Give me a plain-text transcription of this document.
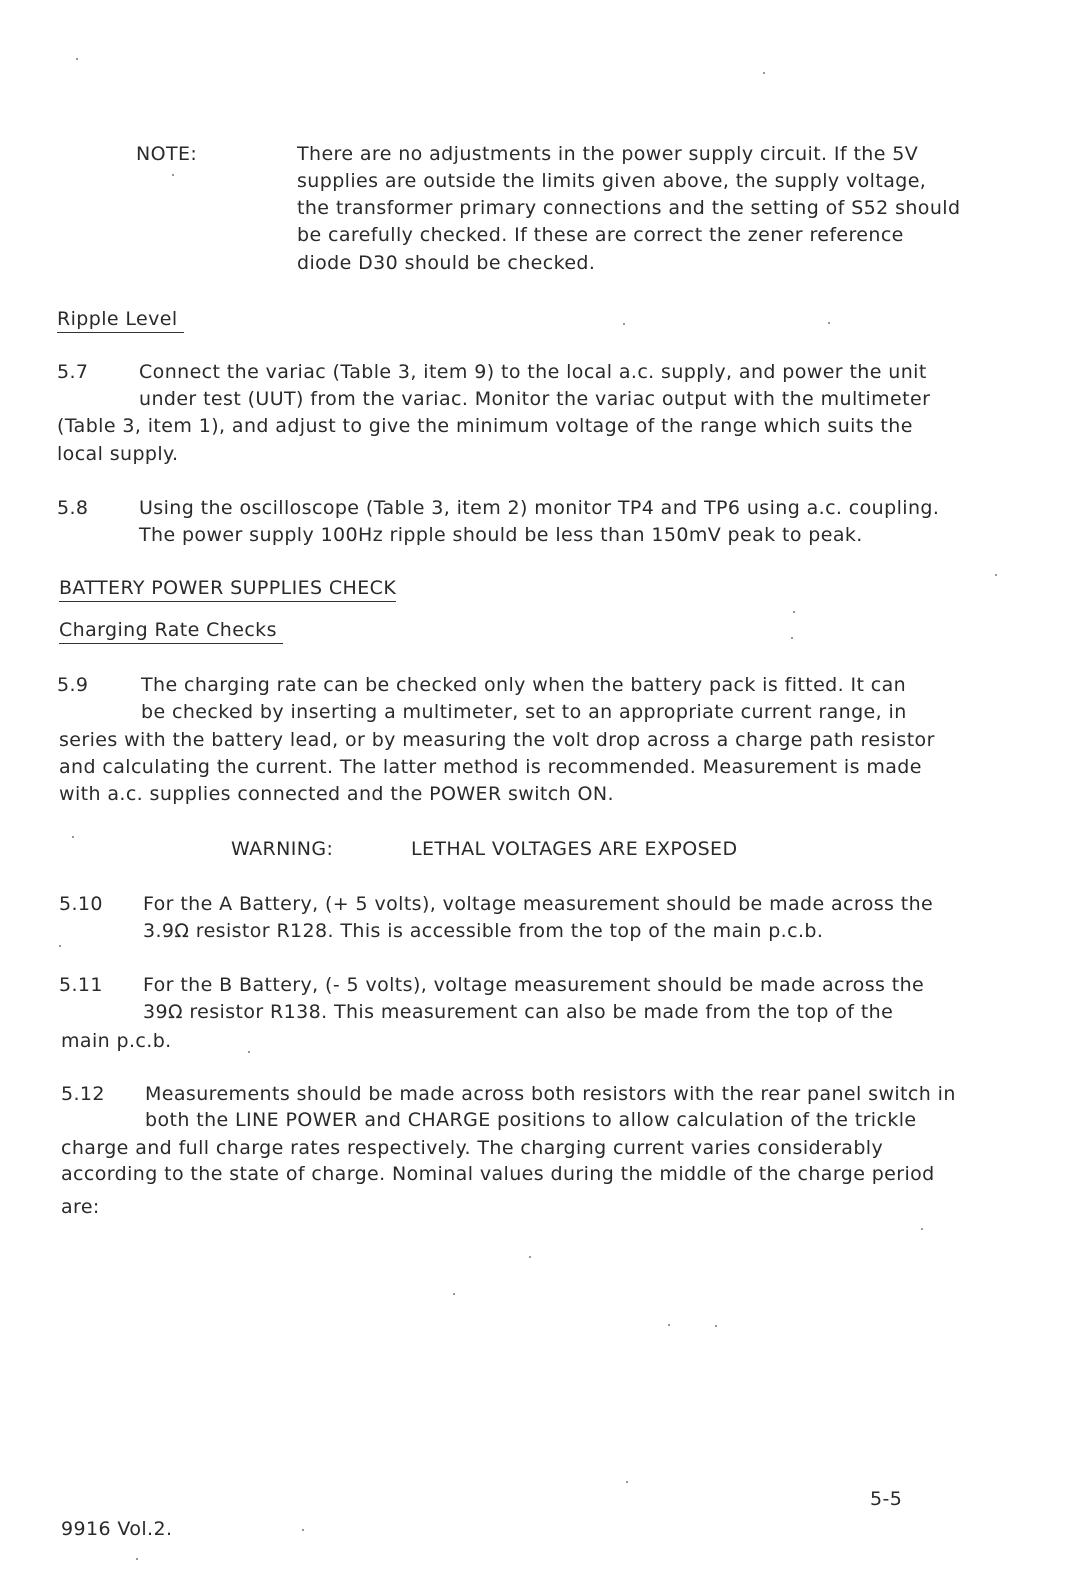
NOTE:	There are no adjustments in the power supply circuit. If the 5V
supplies are outside the limits given above, the supply voltage,
the transformer primary connections and the setting of S52 should
be carefully checked. If these are correct the zener reference
diode D30 should be checked.
Ripple Level
5.7	Connect the variac (Table 3, item 9) to the local a.c. supply, and power the unit
under test (UUT) from the variac. Monitor the variac output with the multimeter
(Table 3, item 1), and adjust to give the minimum voltage of the range which suits the
local supply.
5.8	Using the oscilloscope (Table 3, item 2) monitor TP4 and TP6 using a.c. coupling.
The power supply 100Hz ripple should be less than 150mV peak to peak.
BATTERY POWER SUPPLIES CHECK
Charging Rate Checks
5.9	The charging rate can be checked only when the battery pack is fitted. It can
be checked by inserting a multimeter, set to an appropriate current range, in
series with the battery lead, or by measuring the volt drop across a charge path resistor
and calculating the current. The latter method is recommended. Measurement is made
with a.c. supplies connected and the POWER switch ON.
WARNING:	LETHAL VOLTAGES ARE EXPOSED
5.10 For the A Battery, (+ 5 volts), voltage measurement should be made across the
3.9Ω resistor R128. This is accessible from the top of the main p.c.b.
5.11 For the B Battery, (- 5 volts), voltage measurement should be made across the
39Ω resistor R138. This measurement can also be made from the top of the
main p.c.b.
5.12 Measurements should be made across both resistors with the rear panel switch in
both the LINE POWER and CHARGE positions to allow calculation of the trickle
charge and full charge rates respectively. The charging current varies considerably
according to the state of charge. Nominal values during the middle of the charge period
are:
5-5
9916 Vol.2.
